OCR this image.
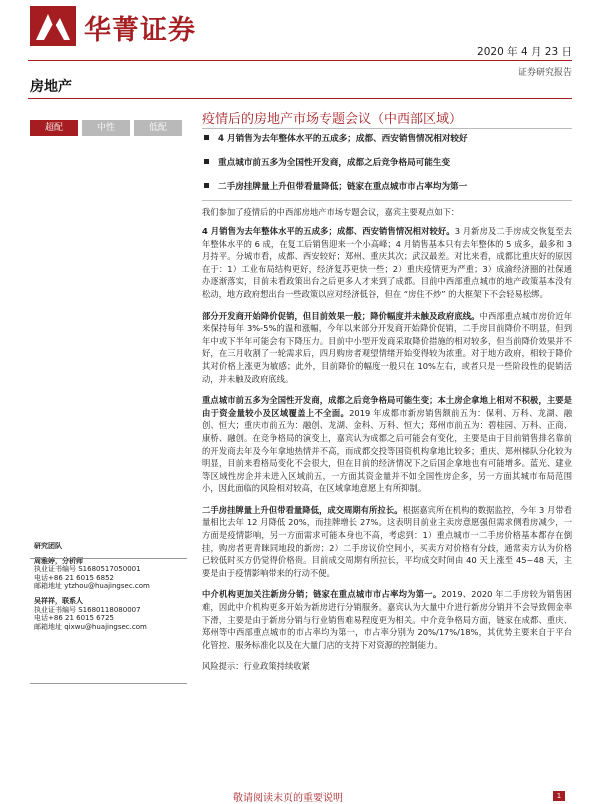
华菁证券
2020 年 4 月 23 日
证券研究报告
房地产
超配	中性	低配
疫情后的房地产市场专题会议（中西部区域）
4 月销售为去年整体水平的五成多；成都、西安销售情况相对较好
重点城市前五多为全国性开发商，成都之后竞争格局可能生变
二手房挂牌量上升但带看量降低；链家在重点城市市占率均为第一
我们参加了疫情后的中西部房地产市场专题会议，嘉宾主要观点如下：

4 月销售为去年整体水平的五成多；成都、西安销售情况相对较好。3 月新房及二手房成交恢复至去年整体水平的 6 成，在复工后销售迎来一个小高峰；4 月销售基本只有去年整体的 5 成多，最多和 3 月持平。分城市看，成都、西安较好；郑州、重庆其次；武汉最差。对比来看，成都比重庆好的原因在于：1）工业布局结构更好，经济复苏更快一些；2）重庆疫情更为严重；3）成渝经济圈的社保通办逐渐落实，目前未看政策出台之后更多人才来到了成都。目前中西部重点城市的地产政策基本没有松动，地方政府想出台一些政策以应对经济低谷，但在 “房住不炒” 的大框架下不会轻易松绑。

部分开发商开始降价促销，但目前效果一般；降价幅度并未触及政府底线。中西部重点城市房价近年来保持每年 3%-5%的温和涨幅，今年以来部分开发商开始降价促销，二手房目前降价不明显，但到年中或下半年可能会有下降压力。目前中小型开发商采取降价措施的相对较多，但当前降价效果并不好，在三月收割了一轮需求后，四月购房者观望情绪开始变得较为浓重。对于地方政府，相较于降价其对价格上涨更为敏感；此外，目前降价的幅度一般只在 10%左右，或者只是一些阶段性的促销活动，并未触及政府底线。

重点城市前五多为全国性开发商，成都之后竞争格局可能生变；本土房企拿地上相对不积极，主要是由于资金量较小及区域覆盖上不全面。2019 年成都市新房销售额前五为：保利、万科、龙湖、融创、恒大；重庆市前五为：融创、龙湖、金科、万科、恒大；郑州市前五为：碧桂园、万科、正商、康桥、融创。在竞争格局的演变上，嘉宾认为成都之后可能会有变化，主要是由于目前销售排名靠前的开发商去年及今年拿地热情并不高，而成都交投等国资机构拿地比较多；重庆、郑州梯队分化较为明显，目前来看格局变化不会很大，但在目前的经济情况下之后国企拿地也有可能增多。蓝光、建业等区域性房企并未进入区域前五，一方面其资金量并不如全国性房企多，另一方面其城市布局范围小，因此面临的风险相对较高，在区域拿地意愿上有所抑制。

二手房挂牌量上升但带看量降低，成交周期有所拉长。根据嘉宾所在机构的数据监控，今年 3 月带看量相比去年 12 月降低 20%，而挂牌增长 27%。这表明目前业主卖房意愿强但需求侧看房减少，一方面是疫情影响，另一方面需求可能本身也不高，考虑到：1）重点城市一二手房价格基本都存在倒挂，购房者更青睐同地段的新房；2）二手房议价空间小，买卖方对价格有分歧，通常卖方认为价格已较低时买方仍觉得价格贵。目前成交周期有所拉长，平均成交时间由 40 天上涨至 45~48 天，主要是由于疫情影响带来的行动不便。

中介机构更加关注新房分销；链家在重点城市市占率均为第一。2019、2020 年二手房较为销售困难，因此中介机构更多开始为新房进行分销服务。嘉宾认为大量中介进行新房分销并不会导致佣金率下滑，主要是由于新房分销与行业销售难易程度更为相关。中介竞争格局方面，链家在成都、重庆、郑州等中西部重点城市的市占率均为第一，市占率分别为 20%/17%/18%，其优势主要来自于平台化管控、服务标准化以及在大量门店的支持下对资源的控制能力。

风险提示：行业政策持续收紧

研究团队
周雅婷，分析师
执业证书编号 S1680517050001
电话+86 21 6015 6852
邮箱地址 ytzhou@huajingsec.com
吴祥祥，联系人
执业证书编号 S1680118080007
电话+86 21 6015 6725
邮箱地址 qixwu@huajingsec.com
敬请阅读末页的重要说明	1
